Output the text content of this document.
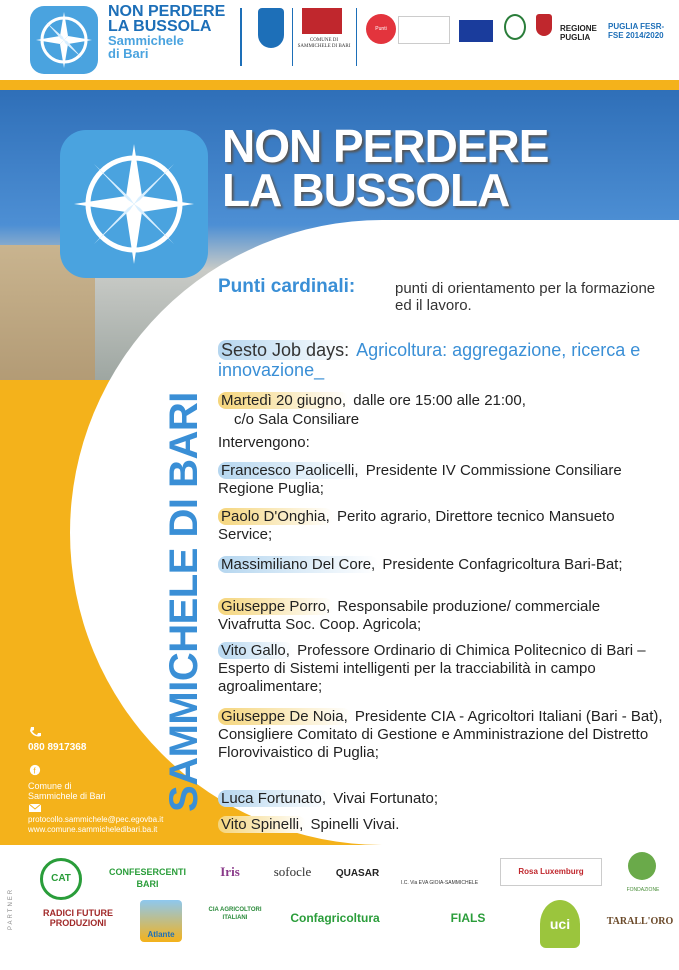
NON PERDERE
LA BUSSOLA
Sammichele
di Bari
COMUNE DI SAMMICHELE DI BARI
Punti Cardinali
REGIONE PUGLIA
PUGLIA FESR-FSE 2014/2020
NON PERDERE
LA BUSSOLA
SAMMICHELE DI BARI
Punti cardinali:	punti di orientamento per la formazione ed il lavoro.
Sesto Job days: Agricoltura: aggregazione, ricerca e innovazione_
Martedì 20 giugno, dalle ore 15:00 alle 21:00,
c/o Sala Consiliare
Intervengono:
Francesco Paolicelli, Presidente IV Commissione Consiliare Regione Puglia;
Paolo D'Onghia, Perito agrario, Direttore tecnico Mansueto Service;
Massimiliano Del Core, Presidente Confagricoltura Bari-Bat;
Giuseppe Porro, Responsabile produzione/ commerciale Vivafrutta Soc. Coop. Agricola;
Vito Gallo, Professore Ordinario di Chimica Politecnico di Bari – Esperto di Sistemi intelligenti per la tracciabilità in campo agroalimentare;
Giuseppe De Noia, Presidente CIA - Agricoltori Italiani (Bari - Bat), Consigliere Comitato di Gestione e Amministrazione del Distretto Florovivaistico di Puglia;
Luca Fortunato, Vivai Fortunato;
Vito Spinelli, Spinelli Vivai.
080 8917368
f
Comune di
Sammichele di Bari
protocollo.sammichele@pec.egovba.it
www.comune.sammicheledibari.ba.it
PARTNER
CAT
CONFESERCENTI BARI
Iris	sofocle	QUASAR
I.C. Via EVA GIOIA-SAMMICHELE
Rosa Luxemburg
FONDAZIONE
RADICI FUTURE PRODUZIONI
Atlante
CIA AGRICOLTORI ITALIANI	Confagricoltura	FIALS	uci	TARALL'ORO
